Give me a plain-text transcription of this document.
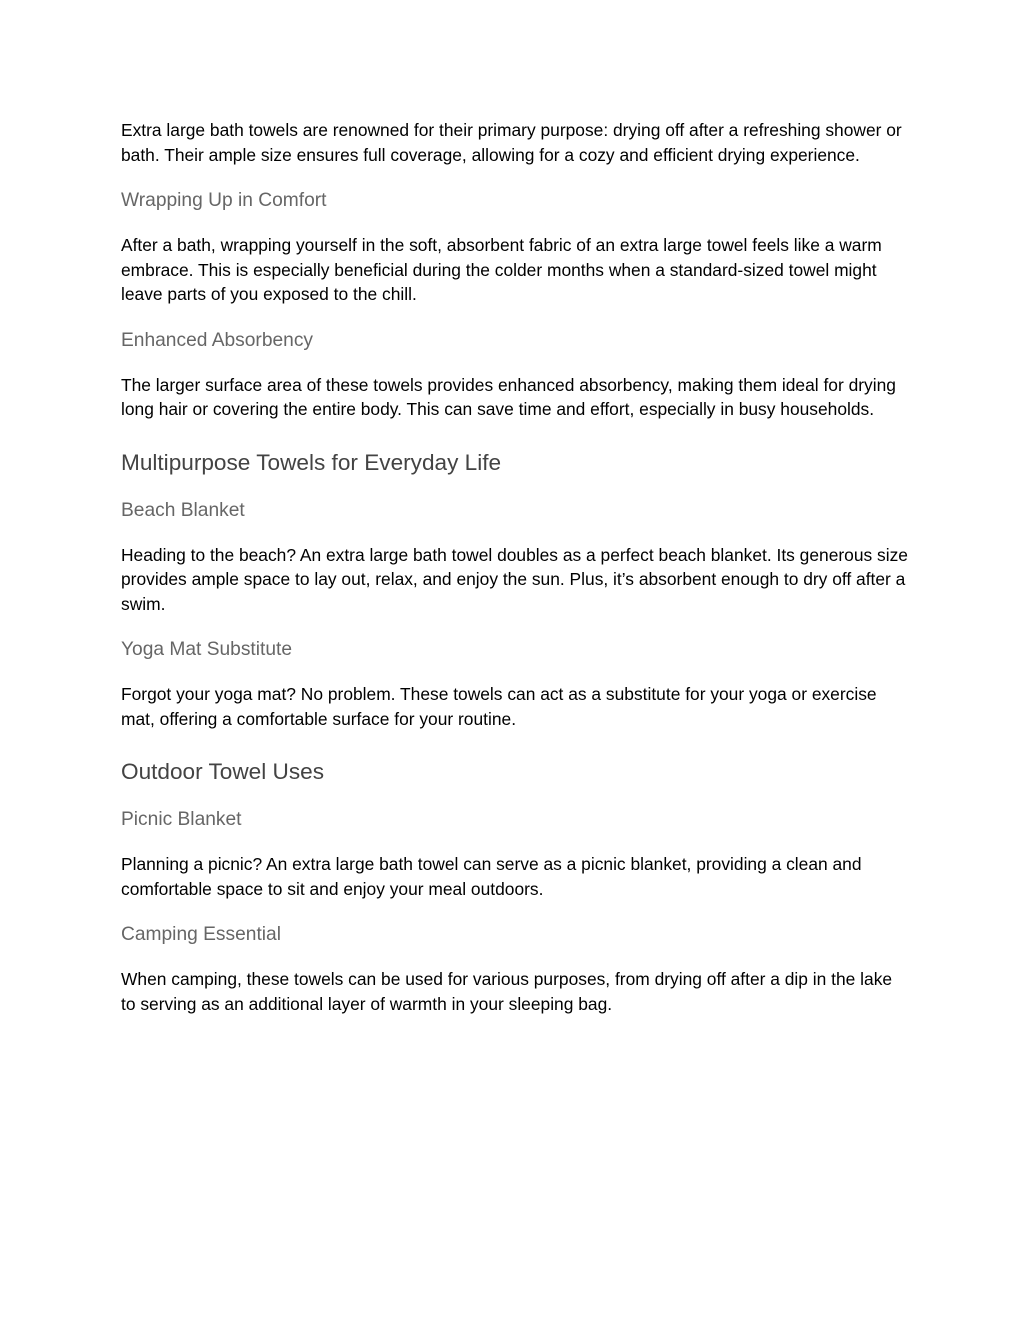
Extra large bath towels are renowned for their primary purpose: drying off after a refreshing shower or bath. Their ample size ensures full coverage, allowing for a cozy and efficient drying experience.

Wrapping Up in Comfort

After a bath, wrapping yourself in the soft, absorbent fabric of an extra large towel feels like a warm embrace. This is especially beneficial during the colder months when a standard-sized towel might leave parts of you exposed to the chill.

Enhanced Absorbency

The larger surface area of these towels provides enhanced absorbency, making them ideal for drying long hair or covering the entire body. This can save time and effort, especially in busy households.

Multipurpose Towels for Everyday Life
Beach Blanket

Heading to the beach? An extra large bath towel doubles as a perfect beach blanket. Its generous size provides ample space to lay out, relax, and enjoy the sun. Plus, it’s absorbent enough to dry off after a swim.

Yoga Mat Substitute

Forgot your yoga mat? No problem. These towels can act as a substitute for your yoga or exercise mat, offering a comfortable surface for your routine.

Outdoor Towel Uses
Picnic Blanket

Planning a picnic? An extra large bath towel can serve as a picnic blanket, providing a clean and comfortable space to sit and enjoy your meal outdoors.

Camping Essential

When camping, these towels can be used for various purposes, from drying off after a dip in the lake to serving as an additional layer of warmth in your sleeping bag.
